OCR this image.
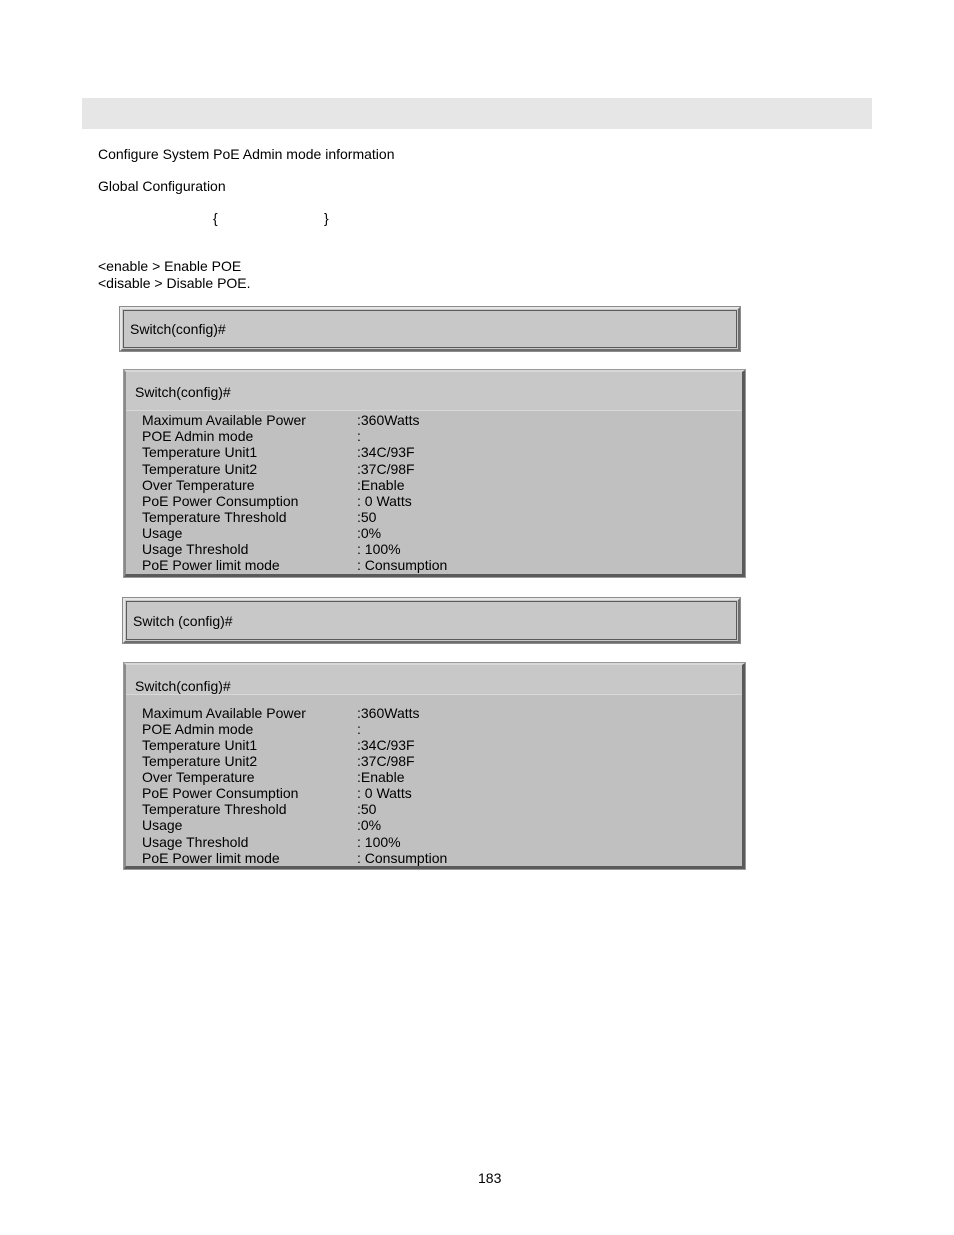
Configure System PoE Admin mode information
Global Configuration
{	}
<enable > Enable POE
<disable > Disable POE.
Switch(config)#
Switch(config)#
Maximum Available Power	:360Watts
POE Admin mode	:
Temperature Unit1	:34C/93F
Temperature Unit2	:37C/98F
Over Temperature	:Enable
PoE Power Consumption	: 0 Watts
Temperature Threshold	:50
Usage	:0%
Usage Threshold	: 100%
PoE Power limit mode	: Consumption
Switch (config)#
Switch(config)#
Maximum Available Power	:360Watts
POE Admin mode	:
Temperature Unit1	:34C/93F
Temperature Unit2	:37C/98F
Over Temperature	:Enable
PoE Power Consumption	: 0 Watts
Temperature Threshold	:50
Usage	:0%
Usage Threshold	: 100%
PoE Power limit mode	: Consumption
183
